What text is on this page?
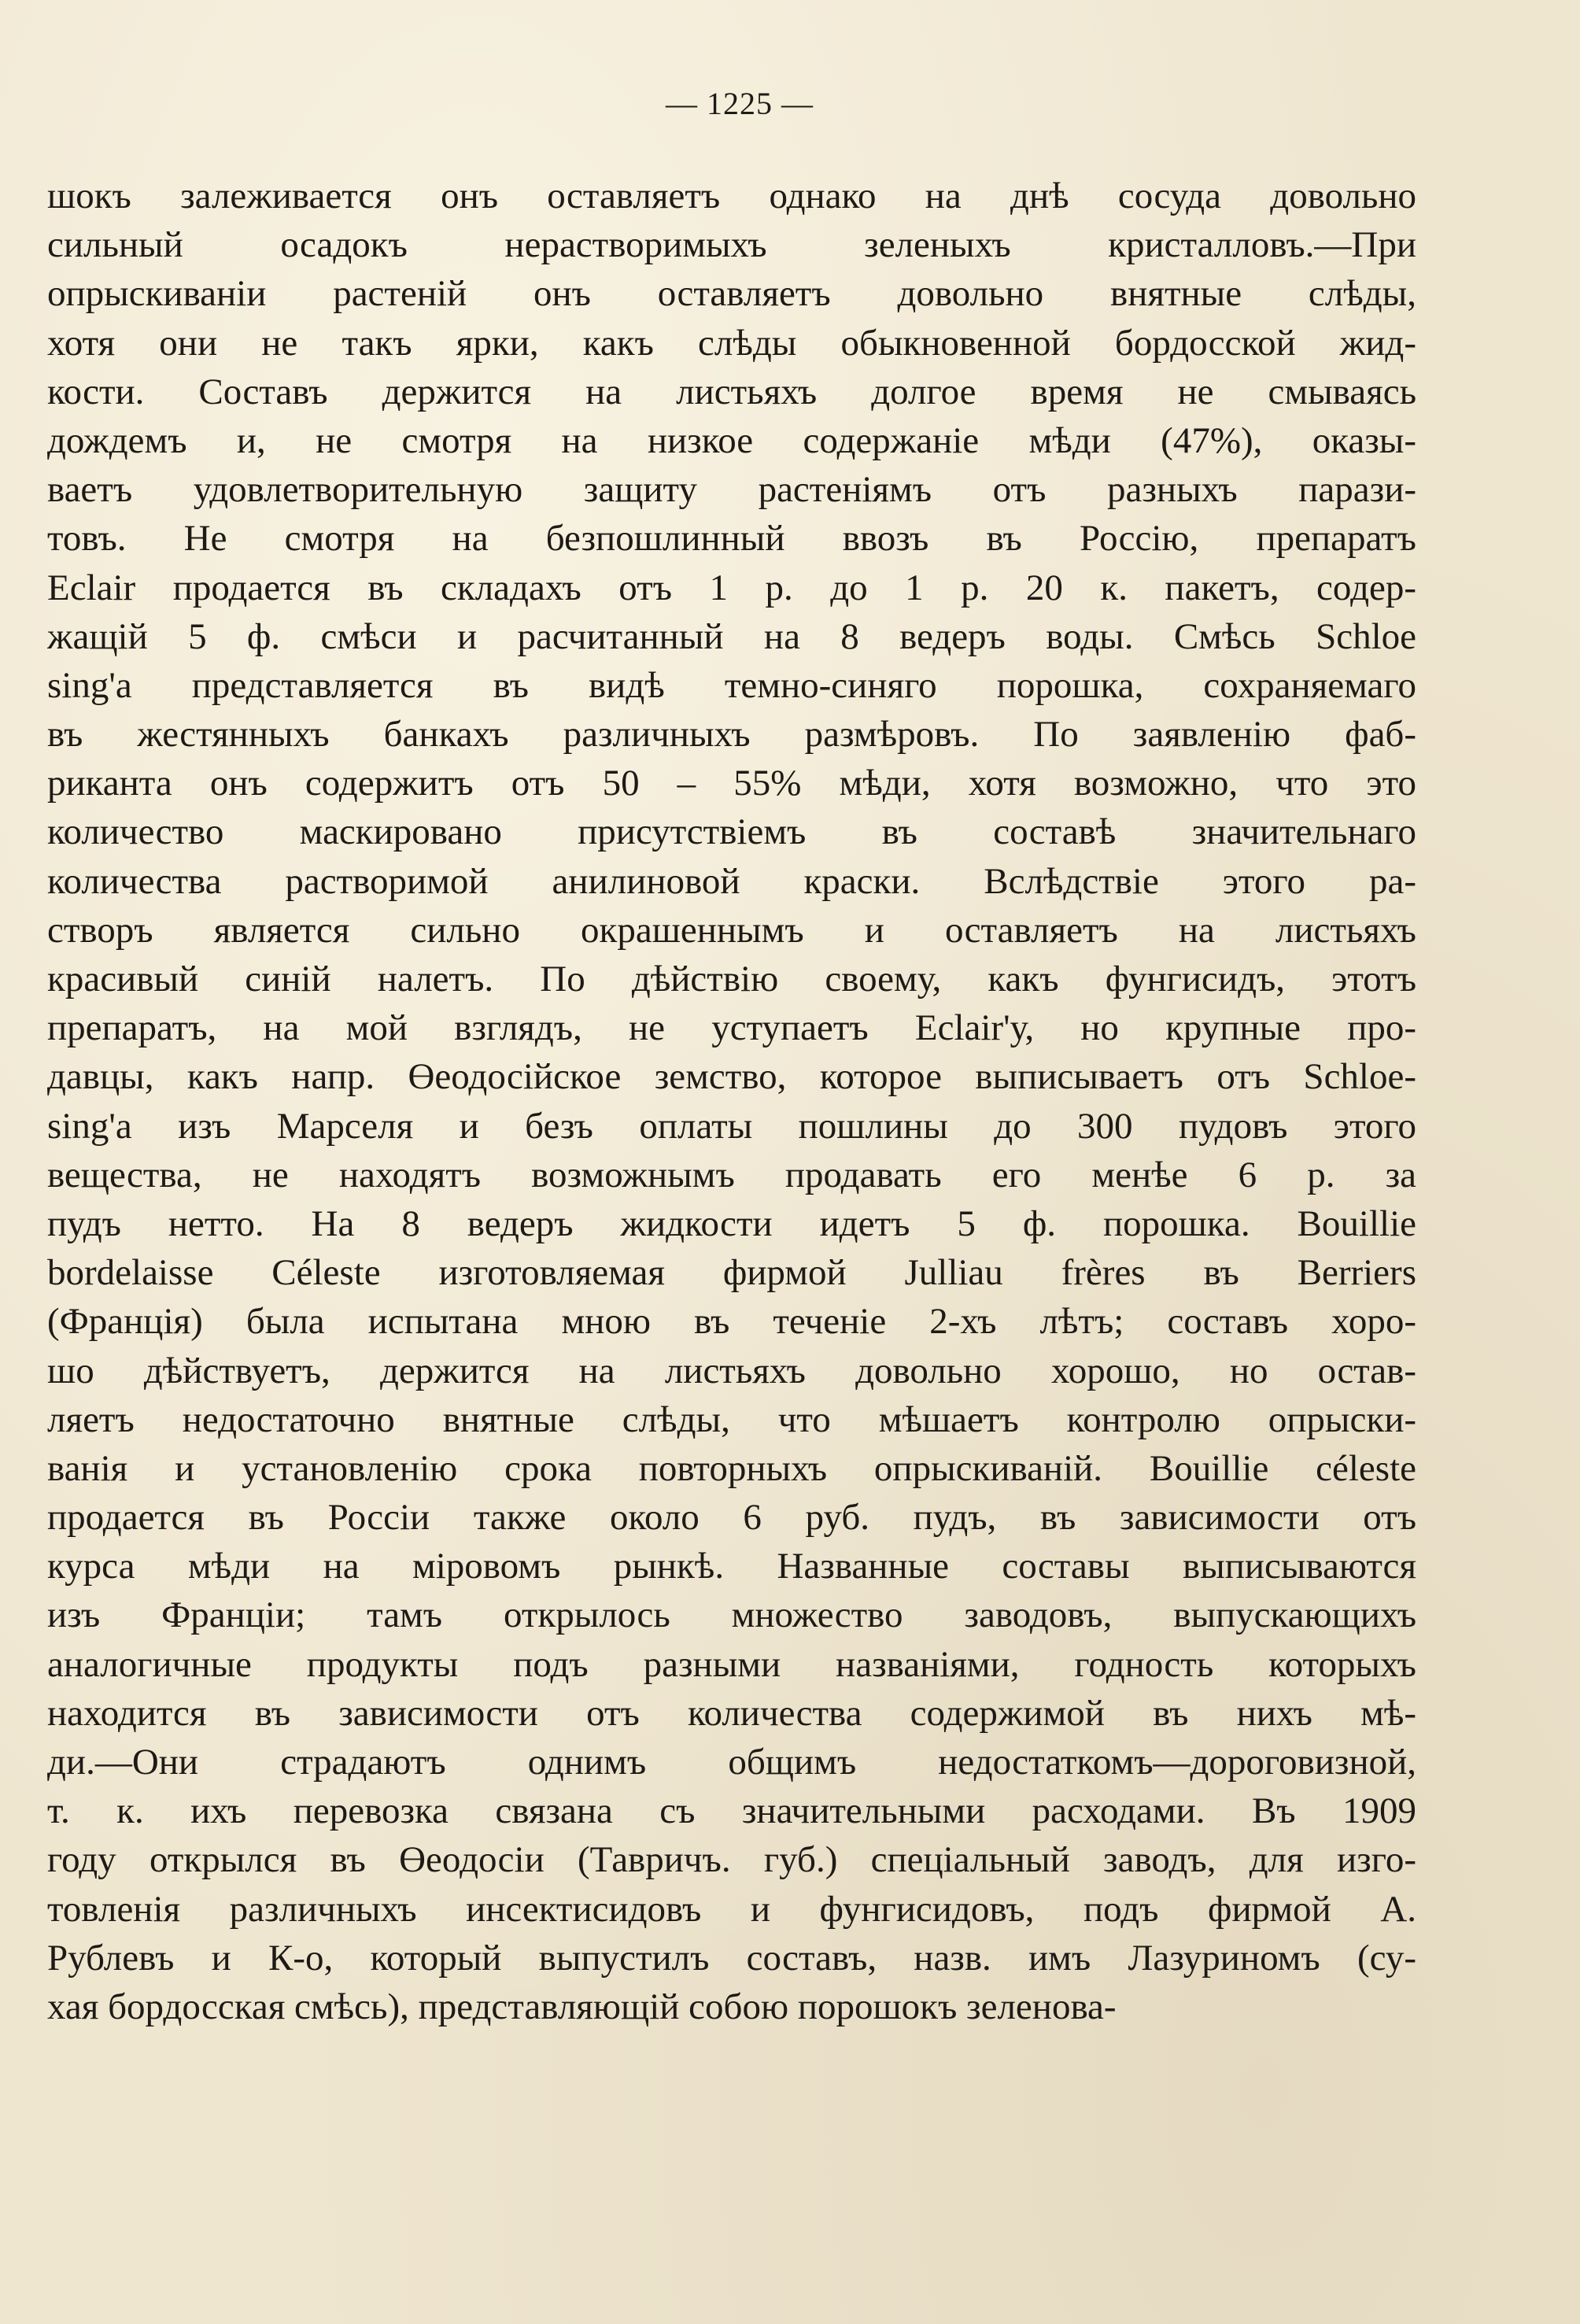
— 1225 —
шокъ залеживается онъ оставляетъ однако на днѣ сосуда довольно
сильный осадокъ нерастворимыхъ зеленыхъ кристалловъ.—При
опрыскиванiи растенiй онъ оставляетъ довольно внятные слѣды,
хотя они не такъ ярки, какъ слѣды обыкновенной бордосской жид-
кости. Составъ держится на листьяхъ долгое время не смываясь
дождемъ и, не смотря на низкое содержанiе мѣди (47%), оказы-
ваетъ удовлетворительную защиту растенiямъ отъ разныхъ парази-
товъ. Не смотря на безпошлинный ввозъ въ Россiю, препаратъ
Eclair продается въ складахъ отъ 1 р. до 1 р. 20 к. пакетъ, содер-
жащiй 5 ф. смѣси и расчитанный на 8 ведеръ воды. Смѣсь Schloe
sing'а представляется въ видѣ темно-синяго порошка, сохраняемаго
въ жестянныхъ банкахъ различныхъ размѣровъ. По заявленiю фаб-
риканта онъ содержитъ отъ 50 – 55% мѣди, хотя возможно, что это
количество маскировано присутствiемъ въ составѣ значительнаго
количества растворимой анилиновой краски. Вслѣдствiе этого ра-
створъ является сильно окрашеннымъ и оставляетъ на листьяхъ
красивый синiй налетъ. По дѣйствiю своему, какъ фунгисидъ, этотъ
препаратъ, на мой взглядъ, не уступаетъ Eclair'у, но крупные про-
давцы, какъ напр. Өеодосiйское земство, которое выписываетъ отъ Schloe-
sing'а изъ Марселя и безъ оплаты пошлины до 300 пудовъ этого
вещества, не находятъ возможнымъ продавать его менѣе 6 р. за
пудъ нетто. На 8 ведеръ жидкости идетъ 5 ф. порошка. Bouillie
bordelaisse Céleste изготовляемая фирмой Julliau frères въ Berriers
(Францiя) была испытана мною въ теченiе 2-хъ лѣтъ; составъ хоро-
шо дѣйствуетъ, держится на листьяхъ довольно хорошо, но остав-
ляетъ недостаточно внятные слѣды, что мѣшаетъ контролю опрыски-
ванiя и установленiю срока повторныхъ опрыскиванiй. Bouillie céleste
продается въ Россiи также около 6 руб. пудъ, въ зависимости отъ
курса мѣди на мiровомъ рынкѣ. Названные составы выписываются
изъ Францiи; тамъ открылось множество заводовъ, выпускающихъ
аналогичные продукты подъ разными названiями, годность которыхъ
находится въ зависимости отъ количества содержимой въ нихъ мѣ-
ди.—Они страдаютъ однимъ общимъ недостаткомъ—дороговизной,
т. к. ихъ перевозка связана съ значительными расходами. Въ 1909
году открылся въ Өеодосiи (Тавричъ. губ.) спецiальный заводъ, для изго-
товленiя различныхъ инсектисидовъ и фунгисидовъ, подъ фирмой А.
Рублевъ и К-о, который выпустилъ составъ, назв. имъ Лазуриномъ (су-
хая бордосская смѣсь), представляющiй собою порошокъ зеленова-
